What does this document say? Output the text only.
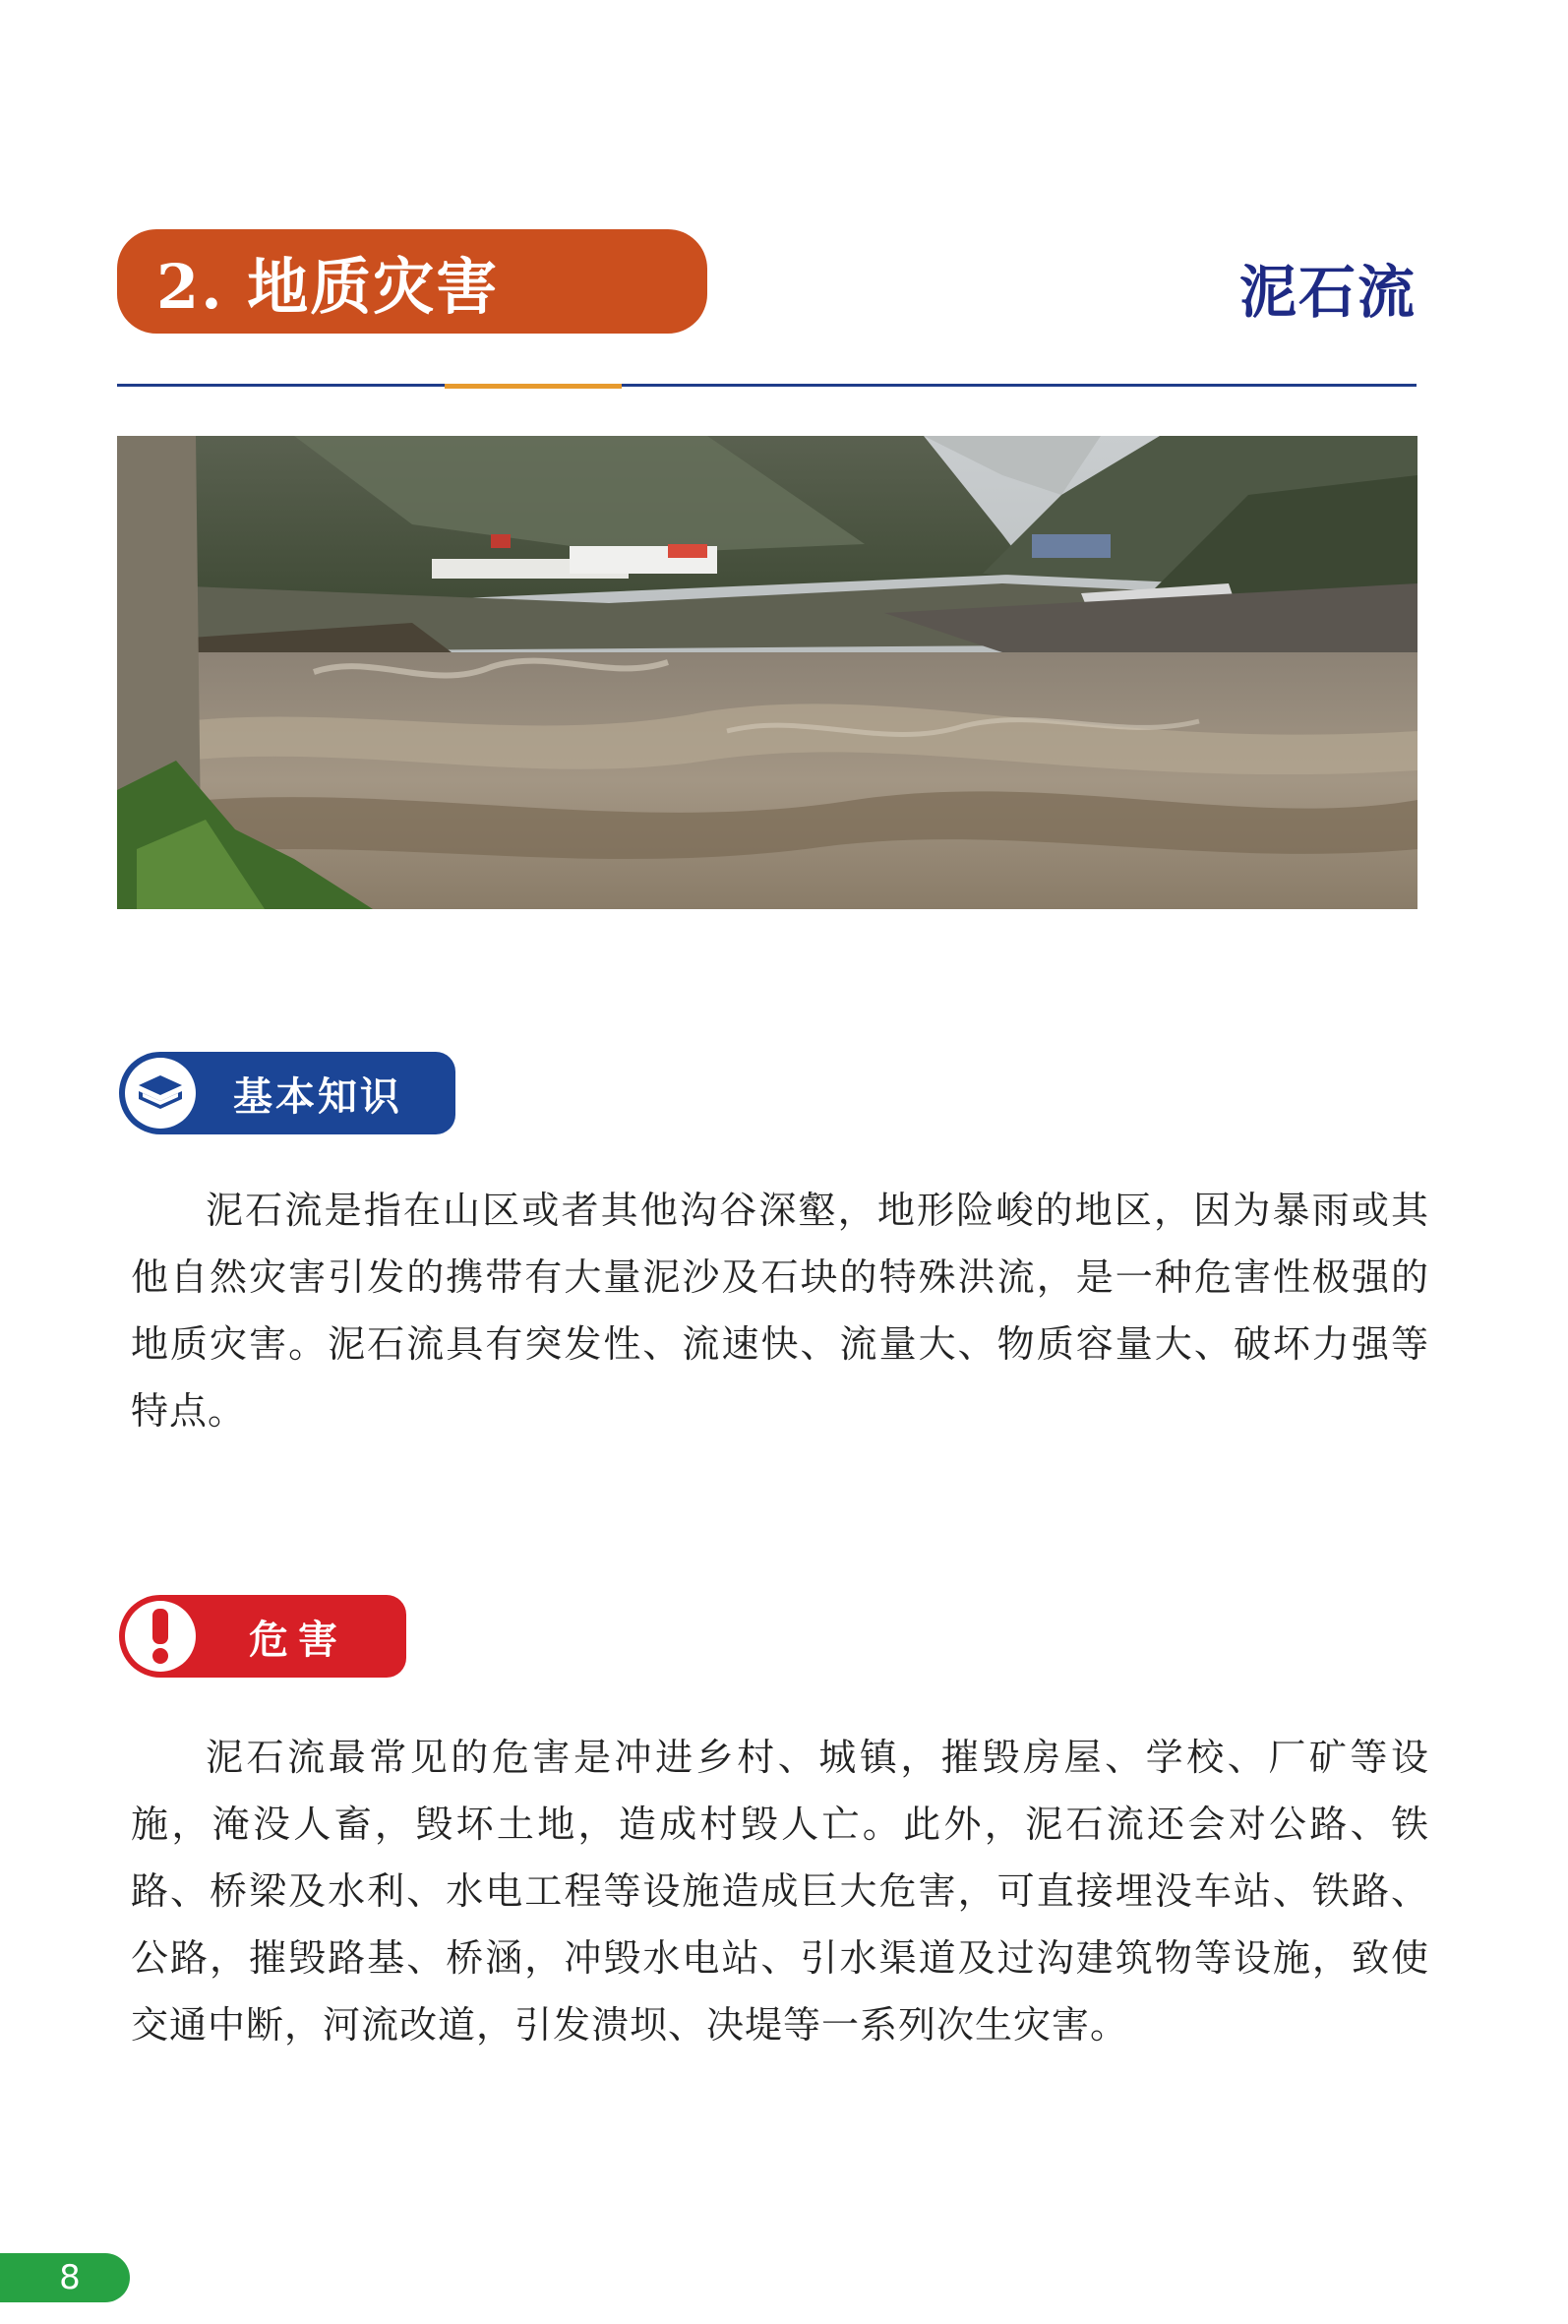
2. 地质灾害	泥石流
基本知识

泥石流是指在山区或者其他沟谷深壑，地形险峻的地区，因为暴雨或其他自然灾害引发的携带有大量泥沙及石块的特殊洪流，是一种危害性极强的地质灾害。泥石流具有突发性、流速快、流量大、物质容量大、破坏力强等特点。

危害

泥石流最常见的危害是冲进乡村、城镇，摧毁房屋、学校、厂矿等设施，淹没人畜，毁坏土地，造成村毁人亡。此外，泥石流还会对公路、铁路、桥梁及水利、水电工程等设施造成巨大危害，可直接埋没车站、铁路、公路，摧毁路基、桥涵，冲毁水电站、引水渠道及过沟建筑物等设施，致使交通中断，河流改道，引发溃坝、决堤等一系列次生灾害。

8
